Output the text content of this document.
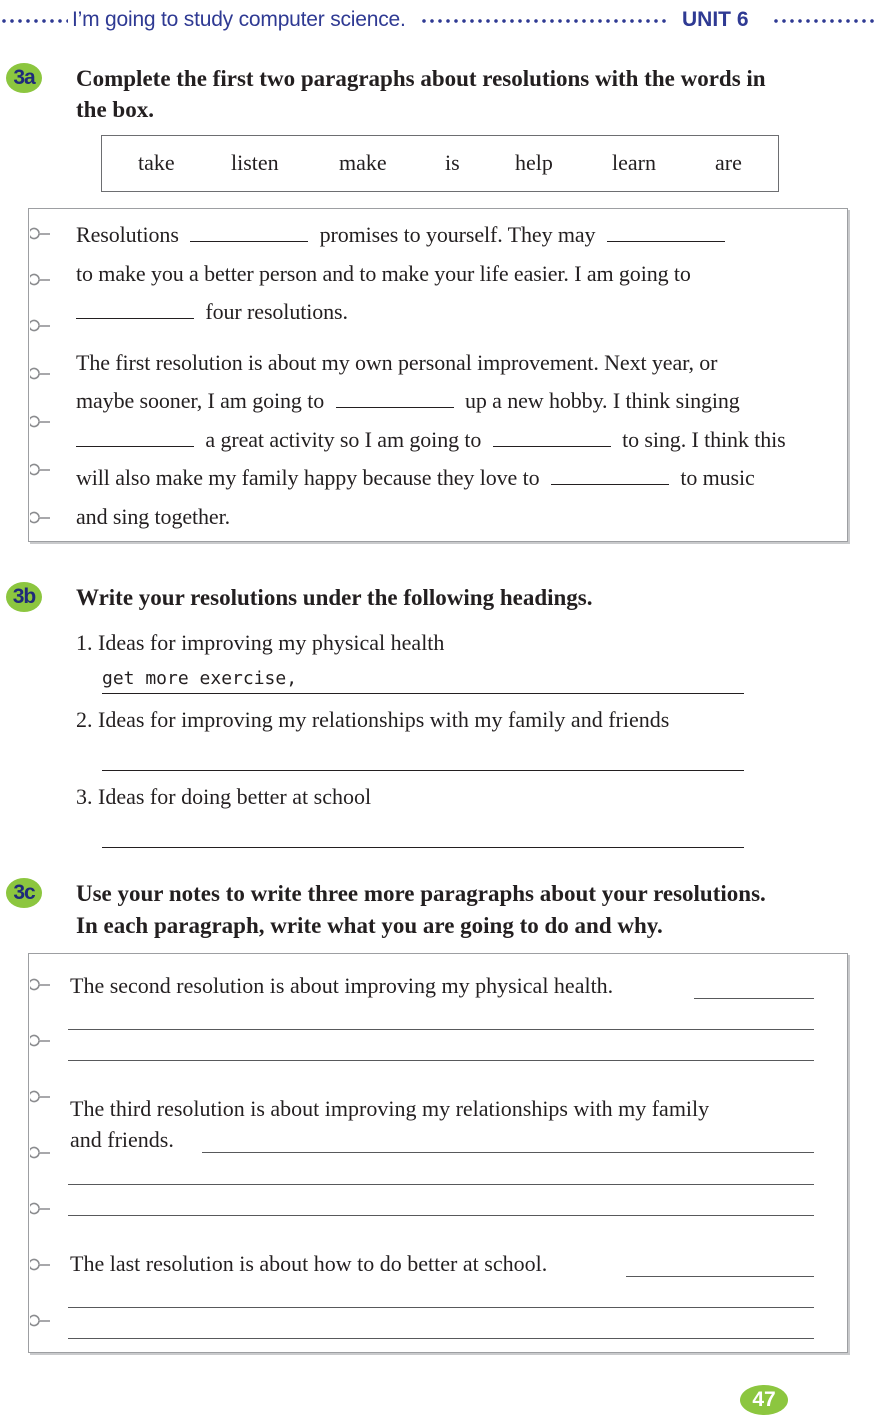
I’m going to study computer science.	UNIT 6
3a	Complete the first two paragraphs about resolutions with the words in
the box.
take	listen	make	is	help	learn	are
Resolutions	promises to yourself. They may
to make you a better person and to make your life easier. I am going to
four resolutions.
The first resolution is about my own personal improvement. Next year, or
maybe sooner, I am going to	up a new hobby. I think singing
a great activity so I am going to	to sing. I think this
will also make my family happy because they love to	to music
and sing together.
3b Write your resolutions under the following headings.
1. Ideas for improving my physical health
get more exercise,
2. Ideas for improving my relationships with my family and friends
3. Ideas for doing better at school
3c	Use your notes to write three more paragraphs about your resolutions.
In each paragraph, write what you are going to do and why.
The second resolution is about improving my physical health.
The third resolution is about improving my relationships with my family
and friends.
The last resolution is about how to do better at school.
47
